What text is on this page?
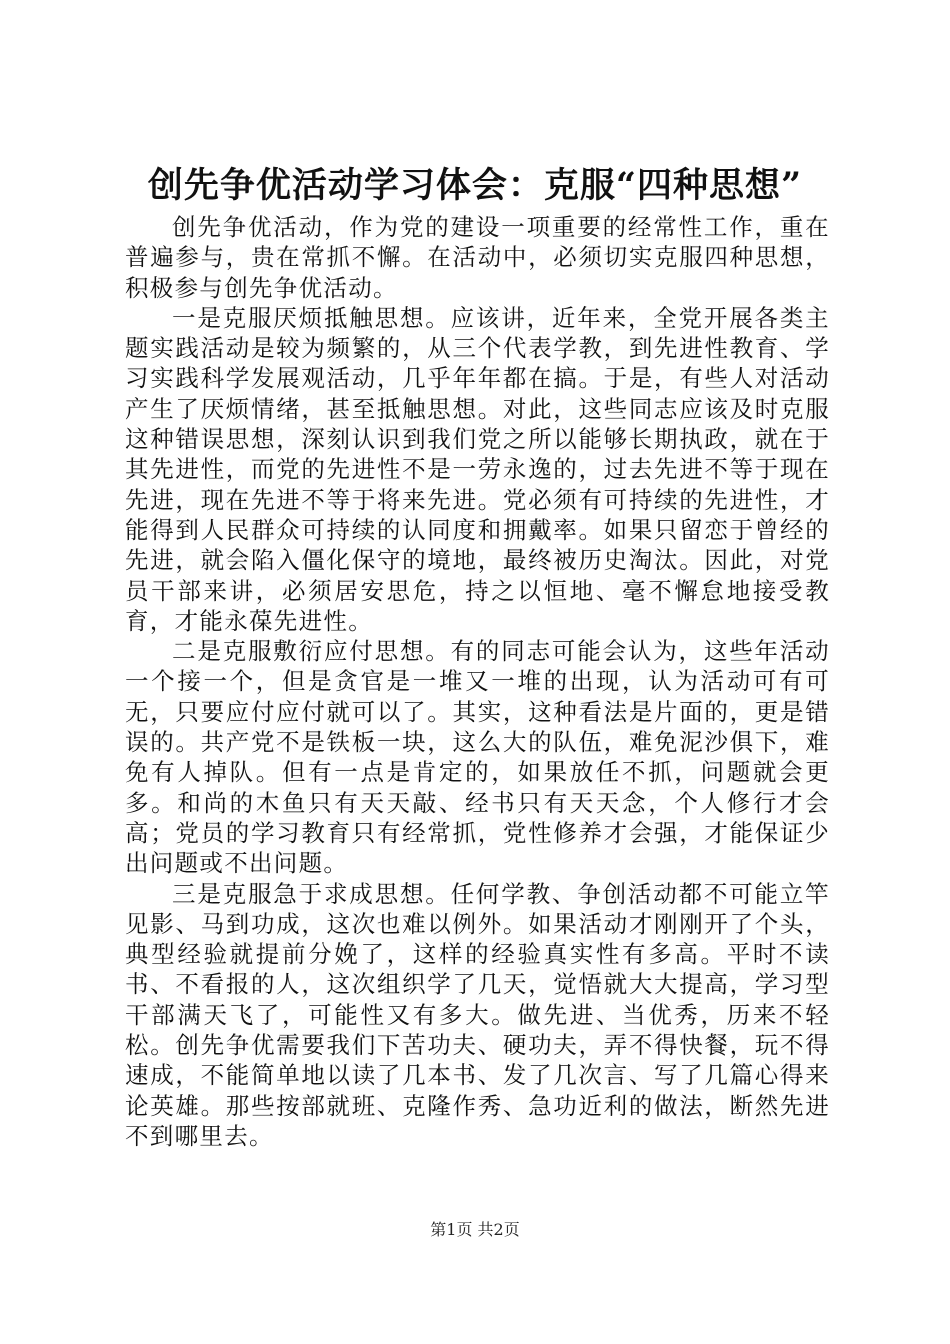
创先争优活动学习体会：克服“四种思想”

创先争优活动，作为党的建设一项重要的经常性工作，重在普遍参与，贵在常抓不懈。在活动中，必须切实克服四种思想，积极参与创先争优活动。

一是克服厌烦抵触思想。应该讲，近年来，全党开展各类主题实践活动是较为频繁的，从三个代表学教，到先进性教育、学习实践科学发展观活动，几乎年年都在搞。于是，有些人对活动产生了厌烦情绪，甚至抵触思想。对此，这些同志应该及时克服这种错误思想，深刻认识到我们党之所以能够长期执政，就在于其先进性，而党的先进性不是一劳永逸的，过去先进不等于现在先进，现在先进不等于将来先进。党必须有可持续的先进性，才能得到人民群众可持续的认同度和拥戴率。如果只留恋于曾经的先进，就会陷入僵化保守的境地，最终被历史淘汰。因此，对党员干部来讲，必须居安思危，持之以恒地、毫不懈怠地接受教育，才能永葆先进性。

二是克服敷衍应付思想。有的同志可能会认为，这些年活动一个接一个，但是贪官是一堆又一堆的出现，认为活动可有可无，只要应付应付就可以了。其实，这种看法是片面的，更是错误的。共产党不是铁板一块，这么大的队伍，难免泥沙俱下，难免有人掉队。但有一点是肯定的，如果放任不抓，问题就会更多。和尚的木鱼只有天天敲、经书只有天天念，个人修行才会高；党员的学习教育只有经常抓，党性修养才会强，才能保证少出问题或不出问题。

三是克服急于求成思想。任何学教、争创活动都不可能立竿见影、马到功成，这次也难以例外。如果活动才刚刚开了个头，典型经验就提前分娩了，这样的经验真实性有多高。平时不读书、不看报的人，这次组织学了几天，觉悟就大大提高，学习型干部满天飞了，可能性又有多大。做先进、当优秀，历来不轻松。创先争优需要我们下苦功夫、硬功夫，弄不得快餐，玩不得速成，不能简单地以读了几本书、发了几次言、写了几篇心得来论英雄。那些按部就班、克隆作秀、急功近利的做法，断然先进不到哪里去。

第1页 共2页
